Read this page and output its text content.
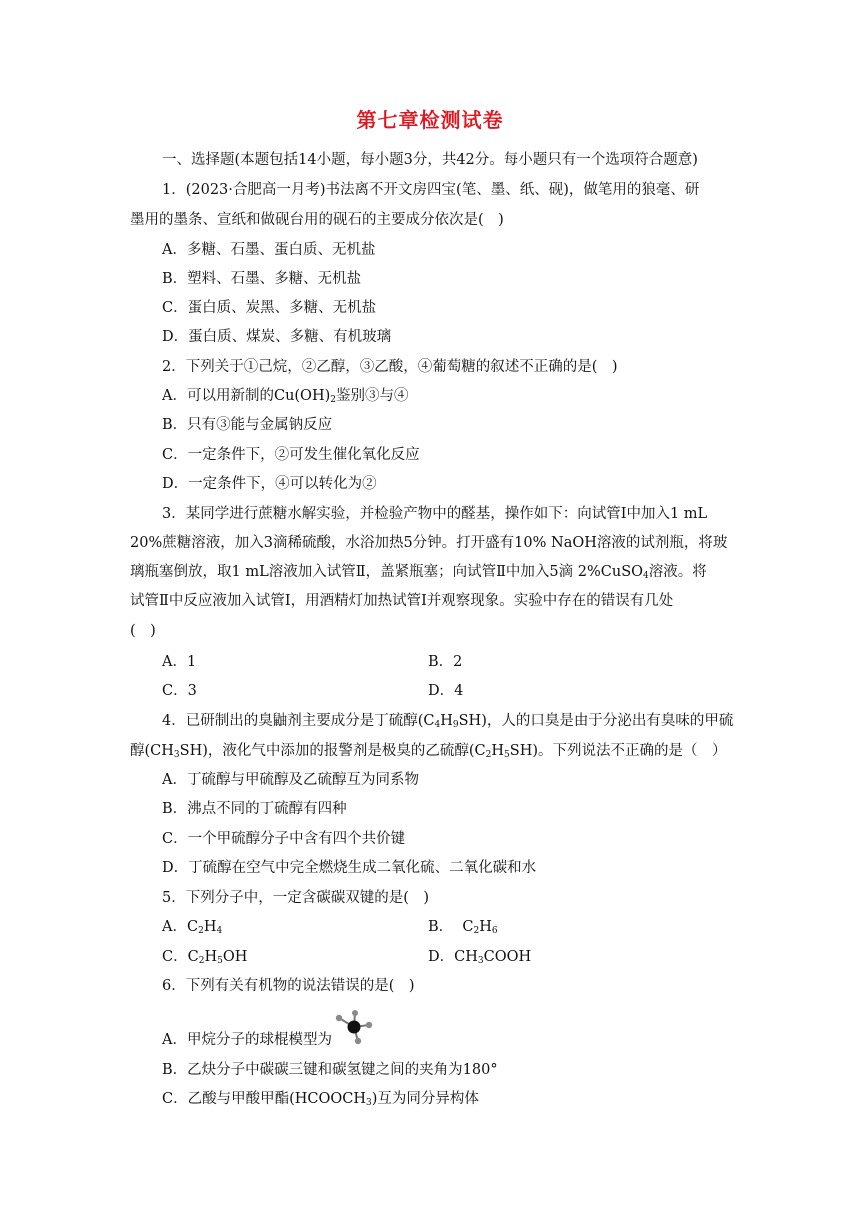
第七章检测试卷
一、选择题(本题包括14小题，每小题3分，共42分。每小题只有一个选项符合题意)
1．(2023·合肥高一月考)书法离不开文房四宝(笔、墨、纸、砚)，做笔用的狼毫、研
墨用的墨条、宣纸和做砚台用的砚石的主要成分依次是(　)
A．多糖、石墨、蛋白质、无机盐
B．塑料、石墨、多糖、无机盐
C．蛋白质、炭黑、多糖、无机盐
D．蛋白质、煤炭、多糖、有机玻璃
2．下列关于①己烷，②乙醇，③乙酸，④葡萄糖的叙述不正确的是(　)
A．可以用新制的$Cu(OH)_2$鉴别③与④
B．只有③能与金属钠反应
C．一定条件下，②可发生催化氧化反应
D．一定条件下，④可以转化为②
3．某同学进行蔗糖水解实验，并检验产物中的醛基，操作如下：向试管Ⅰ中加入1 mL
20%蔗糖溶液，加入3滴稀硫酸，水浴加热5分钟。打开盛有10% NaOH溶液的试剂瓶，将玻
璃瓶塞倒放，取1 mL溶液加入试管Ⅱ，盖紧瓶塞；向试管Ⅱ中加入5滴 2%CuSO$_4$溶液。将
试管Ⅱ中反应液加入试管Ⅰ，用酒精灯加热试管Ⅰ并观察现象。实验中存在的错误有几处
(　)
A．1	B．2
C．3	D．4
4．已研制出的臭鼬剂主要成分是丁硫醇$(C_4H_9SH)$，人的口臭是由于分泌出有臭味的甲硫
醇$(CH_3SH)$，液化气中添加的报警剂是极臭的乙硫醇$(C_2H_5SH)$。下列说法不正确的是（　）
A．丁硫醇与甲硫醇及乙硫醇互为同系物
B．沸点不同的丁硫醇有四种
C．一个甲硫醇分子中含有四个共价键
D．丁硫醇在空气中完全燃烧生成二氧化硫、二氧化碳和水
5．下列分子中，一定含碳碳双键的是(　)
A．$C_2H_4$	B．  $C_2H_6$
C．$C_2H_5OH$	D．$CH_3COOH$
6．下列有关有机物的说法错误的是(　)
A．甲烷分子的球棍模型为
B．乙炔分子中碳碳三键和碳氢键之间的夹角为180°
C．乙酸与甲酸甲酯$(HCOOCH_3)$互为同分异构体
